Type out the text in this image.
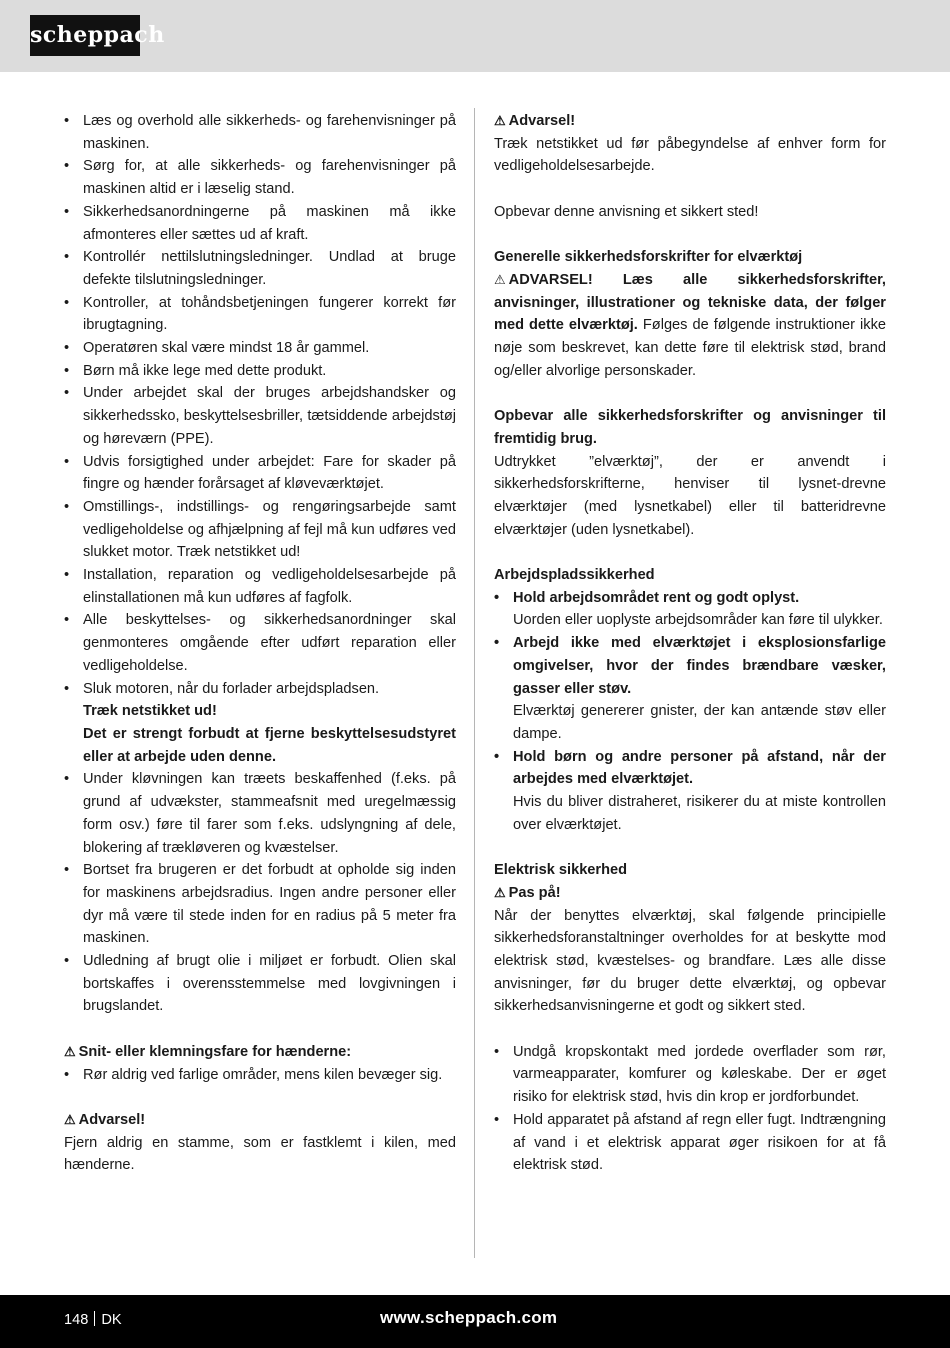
scheppach
• Læs og overhold alle sikkerheds- og farehenvisninger på maskinen.
• Sørg for, at alle sikkerheds- og farehenvisninger på maskinen altid er i læselig stand.
• Sikkerhedsanordningerne på maskinen må ikke afmonteres eller sættes ud af kraft.
• Kontrollér nettilslutningsledninger. Undlad at bruge defekte tilslutningsledninger.
• Kontroller, at tohåndsbetjeningen fungerer korrekt før ibrugtagning.
• Operatøren skal være mindst 18 år gammel.
• Børn må ikke lege med dette produkt.
• Under arbejdet skal der bruges arbejdshandsker og sikkerhedssko, beskyttelsesbriller, tætsiddende arbejdstøj og høreværn (PPE).
• Udvis forsigtighed under arbejdet: Fare for skader på fingre og hænder forårsaget af kløveværktøjet.
• Omstillings-, indstillings- og rengøringsarbejde samt vedligeholdelse og afhjælpning af fejl må kun udføres ved slukket motor. Træk netstikket ud!
• Installation, reparation og vedligeholdelsesarbejde på elinstallationen må kun udføres af fagfolk.
• Alle beskyttelses- og sikkerhedsanordninger skal genmonteres omgående efter udført reparation eller vedligeholdelse.
• Sluk motoren, når du forlader arbejdspladsen.
Træk netstikket ud!
Det er strengt forbudt at fjerne beskyttelsesudstyret eller at arbejde uden denne.
• Under kløvningen kan træets beskaffenhed (f.eks. på grund af udvækster, stammeafsnit med uregelmæssig form osv.) føre til farer som f.eks. udslyngning af dele, blokering af trækløveren og kvæstelser.
• Bortset fra brugeren er det forbudt at opholde sig inden for maskinens arbejdsradius. Ingen andre personer eller dyr må være til stede inden for en radius på 5 meter fra maskinen.
• Udledning af brugt olie i miljøet er forbudt. Olien skal bortskaffes i overensstemmelse med lovgivningen i brugslandet.

⚠ Snit- eller klemningsfare for hænderne:

• Rør aldrig ved farlige områder, mens kilen bevæger sig.

⚠ Advarsel!

Fjern aldrig en stamme, som er fastklemt i kilen, med hænderne.

⚠ Advarsel!

Træk netstikket ud før påbegyndelse af enhver form for vedligeholdelsesarbejde.

Opbevar denne anvisning et sikkert sted!

Generelle sikkerhedsforskrifter for elværktøj

⚠ ADVARSEL! Læs alle sikkerhedsforskrifter, anvisninger, illustrationer og tekniske data, der følger med dette elværktøj. Følges de følgende instruktioner ikke nøje som beskrevet, kan dette føre til elektrisk stød, brand og/eller alvorlige personskader.

Opbevar alle sikkerhedsforskrifter og anvisninger til fremtidig brug.

Udtrykket ”elværktøj”, der er anvendt i sikkerhedsforskrifterne, henviser til lysnet-drevne elværktøjer (med lysnetkabel) eller til batteridrevne elværktøjer (uden lysnetkabel).

Arbejdspladssikkerhed

• Hold arbejdsområdet rent og godt oplyst.
Uorden eller uoplyste arbejdsområder kan føre til ulykker.
• Arbejd ikke med elværktøjet i eksplosionsfarlige omgivelser, hvor der findes brændbare væsker, gasser eller støv.
Elværktøj genererer gnister, der kan antænde støv eller dampe.
• Hold børn og andre personer på afstand, når der arbejdes med elværktøjet.
Hvis du bliver distraheret, risikerer du at miste kontrollen over elværktøjet.

Elektrisk sikkerhed

⚠ Pas på!

Når der benyttes elværktøj, skal følgende principielle sikkerhedsforanstaltninger overholdes for at beskytte mod elektrisk stød, kvæstelses- og brandfare. Læs alle disse anvisninger, før du bruger dette elværktøj, og opbevar sikkerhedsanvisningerne et godt og sikkert sted.

• Undgå kropskontakt med jordede overflader som rør, varmeapparater, komfurer og køleskabe. Der er øget risiko for elektrisk stød, hvis din krop er jordforbundet.
• Hold apparatet på afstand af regn eller fugt. Indtrængning af vand i et elektrisk apparat øger risikoen for at få elektrisk stød.
148 DK	www.scheppach.com
